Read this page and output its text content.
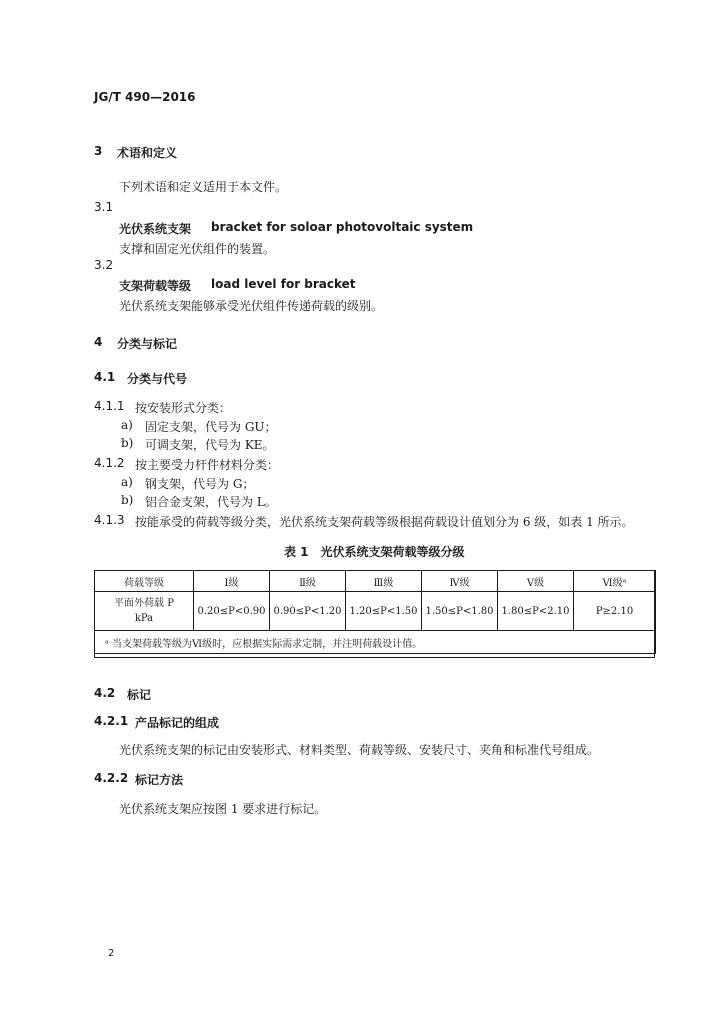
JG/T 490—2016
3 术语和定义
下列术语和定义适用于本文件。
3.1
光伏系统支架 bracket for soloar photovoltaic system
支撑和固定光伏组件的装置。
3.2
支架荷载等级 load level for bracket
光伏系统支架能够承受光伏组件传递荷载的级别。
4 分类与标记
4.1 分类与代号
4.1.1 按安装形式分类：
a) 固定支架，代号为 GU；
b) 可调支架，代号为 KE。
4.1.2 按主要受力杆件材料分类：
a) 钢支架，代号为 G；
b) 铝合金支架，代号为 L。
4.1.3 按能承受的荷载等级分类，光伏系统支架荷载等级根据荷载设计值划分为 6 级，如表 1 所示。
表 1　光伏系统支架荷载等级分级
荷载等级	Ⅰ级	Ⅱ级	Ⅲ级	Ⅳ级	Ⅴ级	Ⅵ级ᵃ

平面外荷载 P
kPa	0.20≤P<0.90	0.90≤P<1.20	1.20≤P<1.50	1.50≤P<1.80	1.80≤P<2.10	P≥2.10
ᵃ 当支架荷载等级为Ⅵ级时，应根据实际需求定制，并注明荷载设计值。						
4.2 标记
4.2.1 产品标记的组成
光伏系统支架的标记由安装形式、材料类型、荷载等级、安装尺寸、夹角和标准代号组成。
4.2.2 标记方法
光伏系统支架应按图 1 要求进行标记。
2
